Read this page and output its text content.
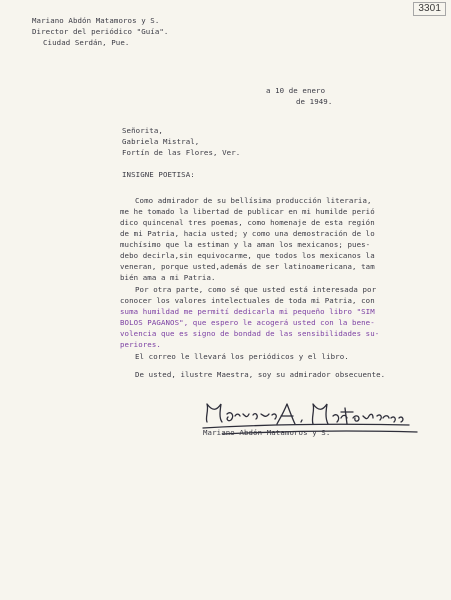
3301
Mariano Abdón Matamoros y S.
Director del periódico "Guía".
Ciudad Serdán, Pue.
a 10 de enero
de 1949.
Señorita,
Gabriela Mistral,
Fortín de las Flores, Ver.
INSIGNE POETISA:
Como admirador de su bellísima producción literaria,
me he tomado la libertad de publicar en mi humilde perió
dico quincenal tres poemas, como homenaje de esta región
de mi Patria, hacia usted; y como una demostración de lo
muchísimo que la estiman y la aman los mexicanos; pues-
debo decirla,sin equivocarme, que todos los mexicanos la
veneran, porque usted,además de ser latinoamericana, tam
bién ama a mi Patria.
Por otra parte, como sé que usted está interesada por
conocer los valores intelectuales de toda mi Patria, con
suma humildad me permití dedicarla mi pequeño libro "SIM
BOLOS PAGANOS", que espero le acogerá usted con la bene-
volencia que es signo de bondad de las sensibilidades su-
periores.
El correo le llevará los periódicos y el libro.
De usted, ilustre Maestra, soy su admirador obsecuente.
Mariano Abdón Matamoros y S.
